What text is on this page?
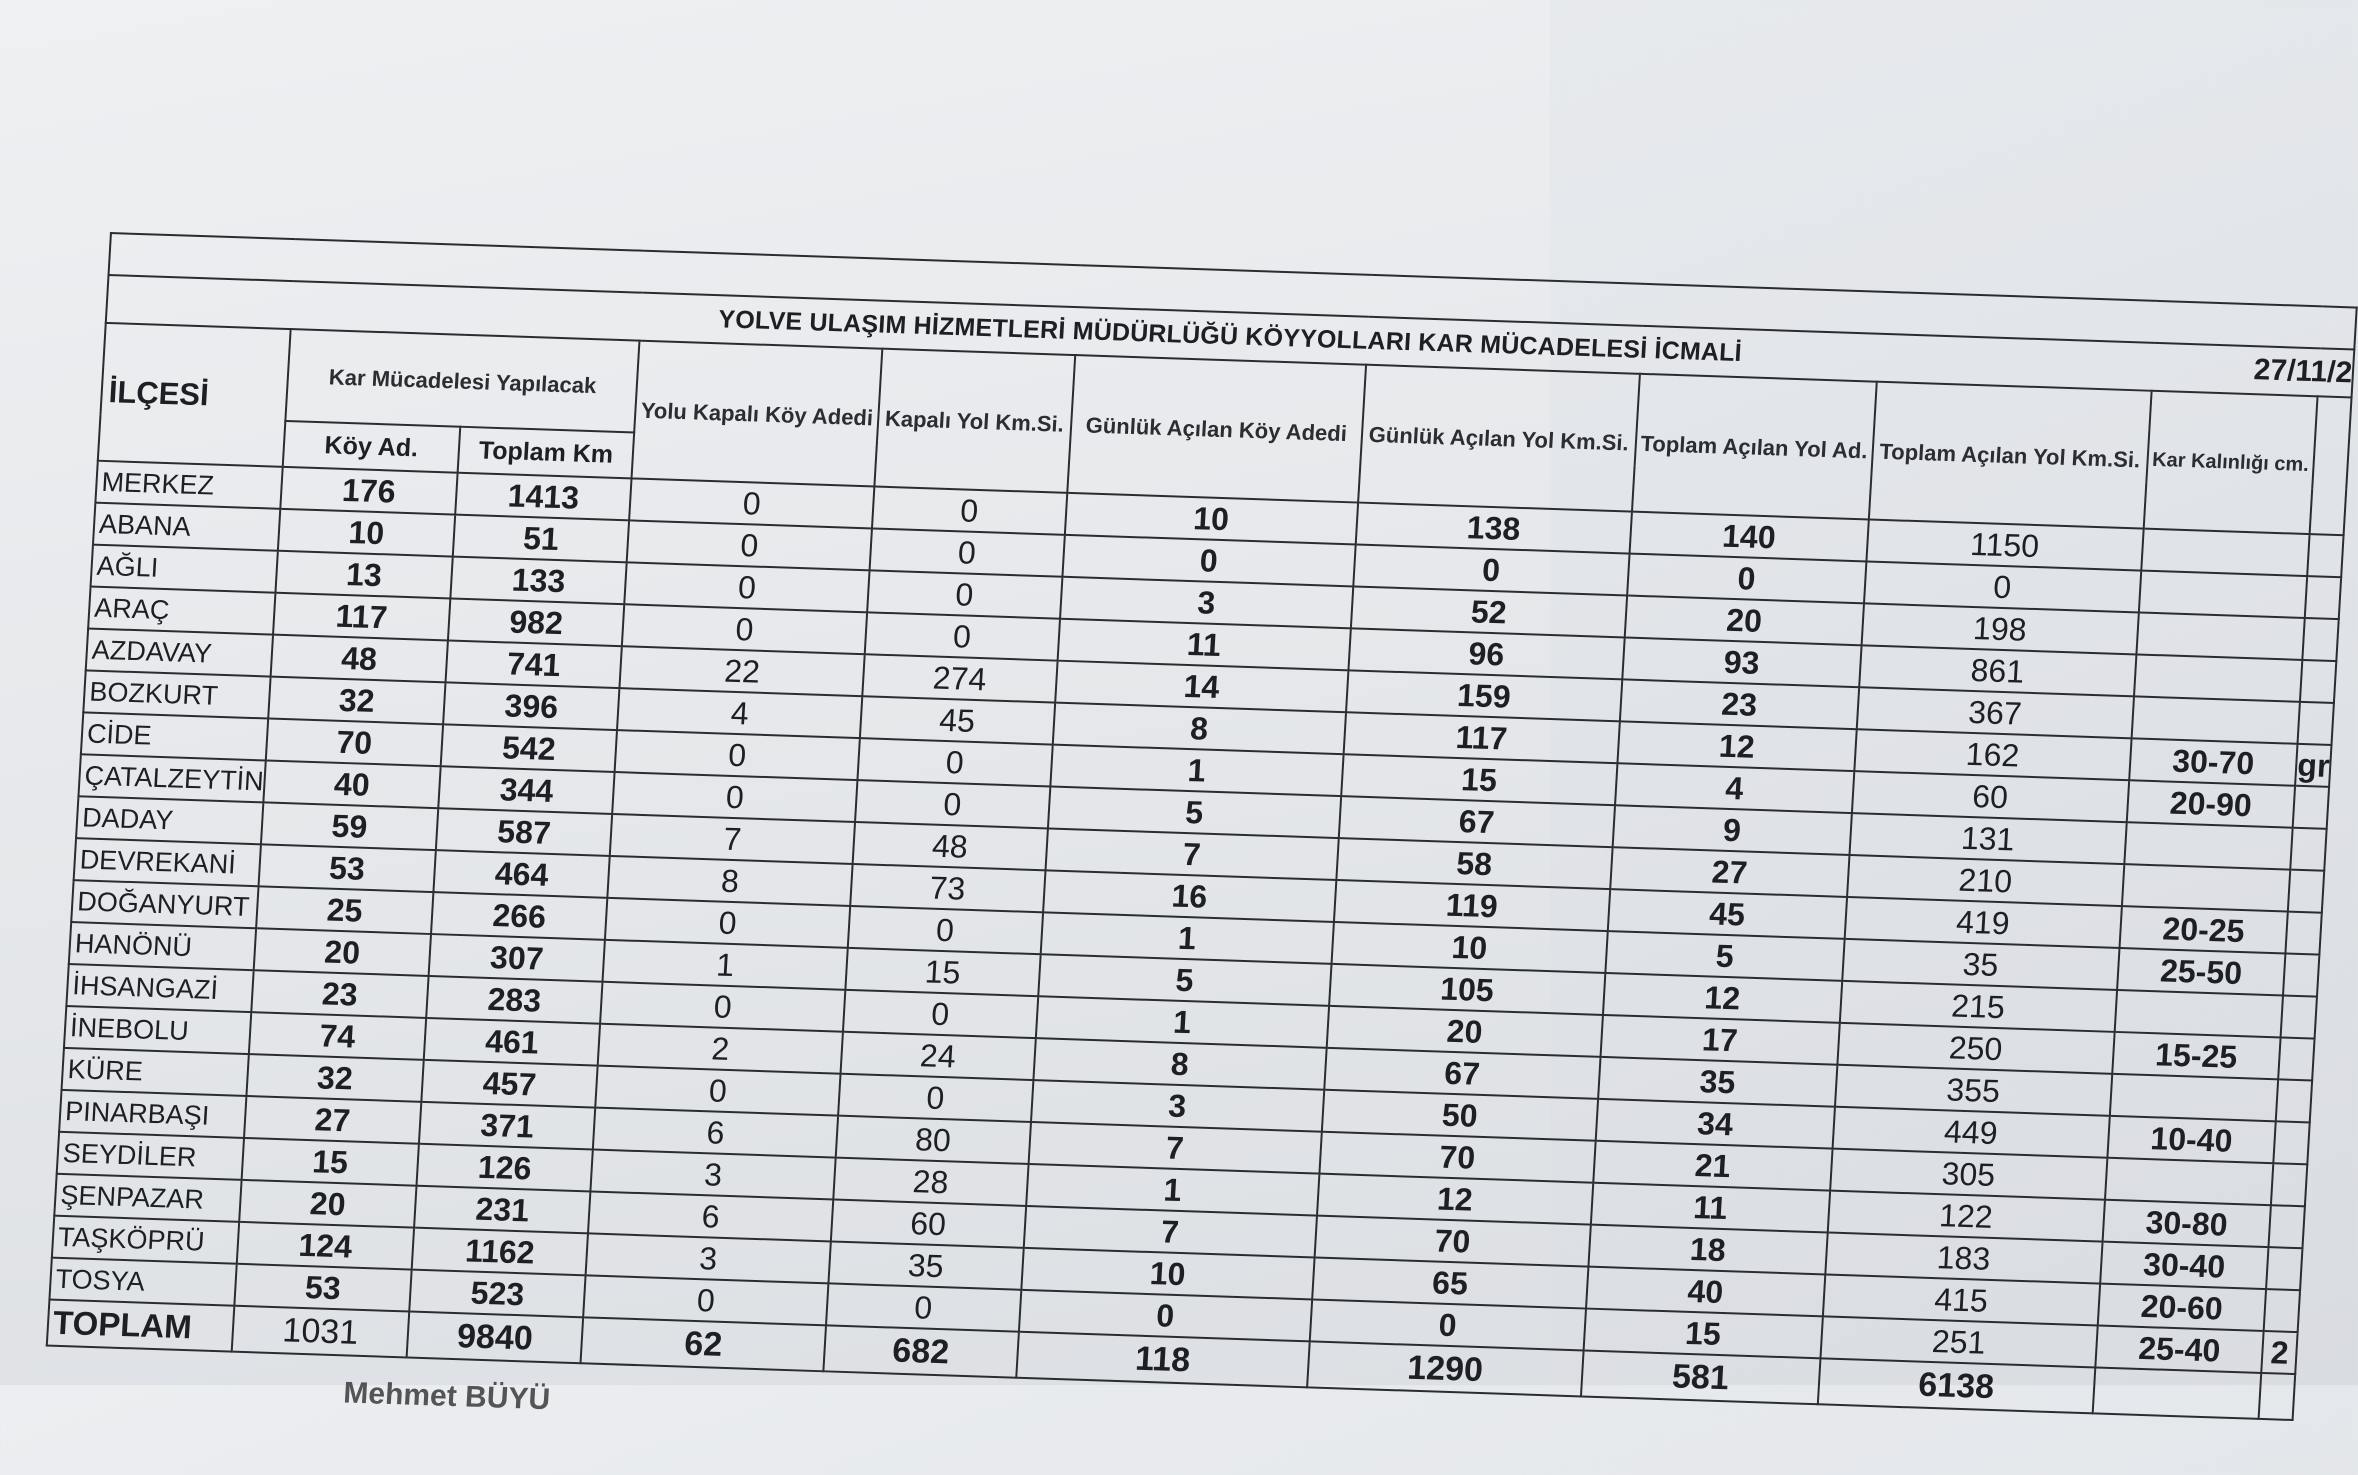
YOLVE ULAŞIM HİZMETLERİ MÜDÜRLÜĞÜ KÖYYOLLARI KAR MÜCADELESİ İCMALİ
27/11/2										

İLÇESİ	Kar Mücadelesi Yapılacak		Yolu Kapalı Köy Adedi	Kapalı Yol Km.Si.	Günlük Açılan Köy Adedi	Günlük Açılan Yol Km.Si.	Toplam Açılan Yol Ad.	Toplam Açılan Yol Km.Si.	Kar Kalınlığı cm.	
	Köy Ad.	Toplam Km								
MERKEZ	176	1413	0	0	10	138	140	1150		
ABANA	10	51	0	0	0	0	0	0		
AĞLI	13	133	0	0	3	52	20	198		
ARAÇ	117	982	0	0	11	96	93	861		
AZDAVAY	48	741	22	274	14	159	23	367		
BOZKURT	32	396	4	45	8	117	12	162	30-70	gr
CİDE	70	542	0	0	1	15	4	60	20-90	
ÇATALZEYTİN	40	344	0	0	5	67	9	131		
DADAY	59	587	7	48	7	58	27	210		
DEVREKANİ	53	464	8	73	16	119	45	419	20-25	
DOĞANYURT	25	266	0	0	1	10	5	35	25-50	
HANÖNÜ	20	307	1	15	5	105	12	215		
İHSANGAZİ	23	283	0	0	1	20	17	250	15-25	
İNEBOLU	74	461	2	24	8	67	35	355		
KÜRE	32	457	0	0	3	50	34	449	10-40	
PINARBAŞI	27	371	6	80	7	70	21	305		
SEYDİLER	15	126	3	28	1	12	11	122	30-80	
ŞENPAZAR	20	231	6	60	7	70	18	183	30-40	
TAŞKÖPRÜ	124	1162	3	35	10	65	40	415	20-60	
TOSYA	53	523	0	0	0	0	15	251	25-40	2
TOPLAM	1031	9840	62	682	118	1290	581	6138		
Mehmet BÜYÜ
